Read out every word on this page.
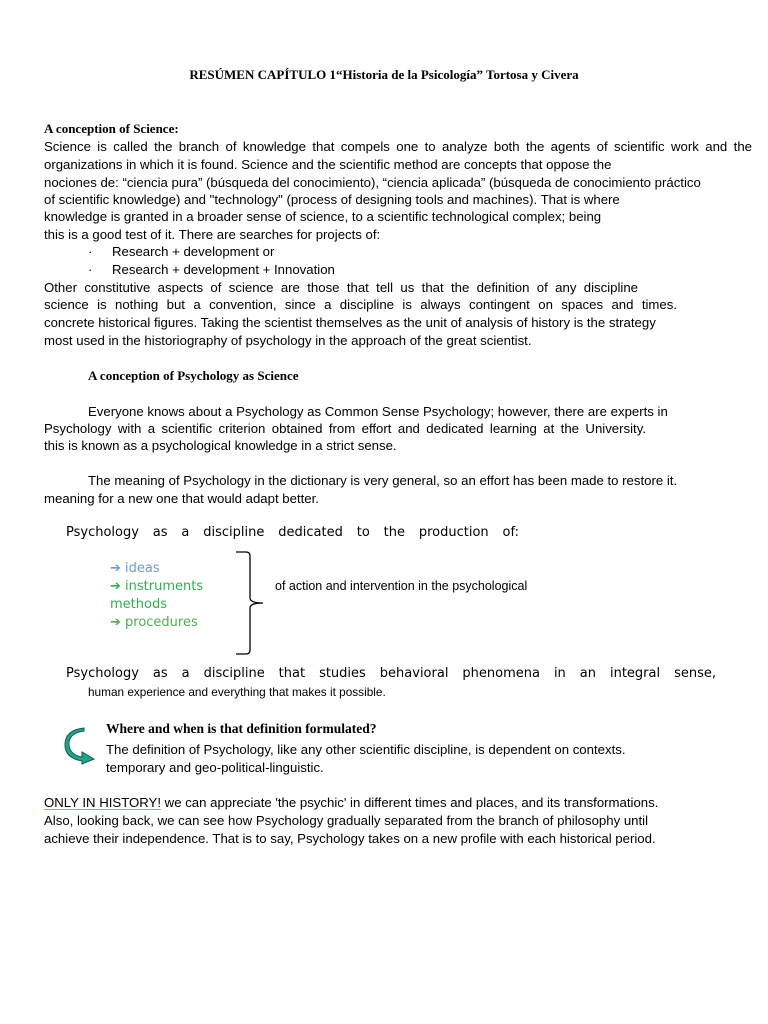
RESÚMEN CAPÍTULO 1“Historia de la Psicología” Tortosa y Civera
A conception of Science:
Science is called the branch of knowledge that compels one to analyze both the agents of scientific work and the
organizations in which it is found. Science and the scientific method are concepts that oppose the
nociones de: “ciencia pura” (búsqueda del conocimiento), “ciencia aplicada” (búsqueda de conocimiento práctico
of scientific knowledge) and "technology" (process of designing tools and machines). That is where
knowledge is granted in a broader sense of science, to a scientific technological complex; being
this is a good test of it. There are searches for projects of:
· Research + development or
· Research + development + Innovation
Other constitutive aspects of science are those that tell us that the definition of any discipline
science is nothing but a convention, since a discipline is always contingent on spaces and times.
concrete historical figures. Taking the scientist themselves as the unit of analysis of history is the strategy
most used in the historiography of psychology in the approach of the great scientist.
A conception of Psychology as Science
Everyone knows about a Psychology as Common Sense Psychology; however, there are experts in
Psychology with a scientific criterion obtained from effort and dedicated learning at the University.
this is known as a psychological knowledge in a strict sense.
The meaning of Psychology in the dictionary is very general, so an effort has been made to restore it.
meaning for a new one that would adapt better.
Psychology as a discipline dedicated to the production of:
➔ ideas
➔ instruments
methods
➔ procedures
of action and intervention in the psychological
Psychology as a discipline that studies behavioral phenomena in an integral sense,
human experience and everything that makes it possible.
Where and when is that definition formulated?
The definition of Psychology, like any other scientific discipline, is dependent on contexts.
temporary and geo-political-linguistic.
ONLY IN HISTORY! we can appreciate 'the psychic' in different times and places, and its transformations.
Also, looking back, we can see how Psychology gradually separated from the branch of philosophy until
achieve their independence. That is to say, Psychology takes on a new profile with each historical period.
